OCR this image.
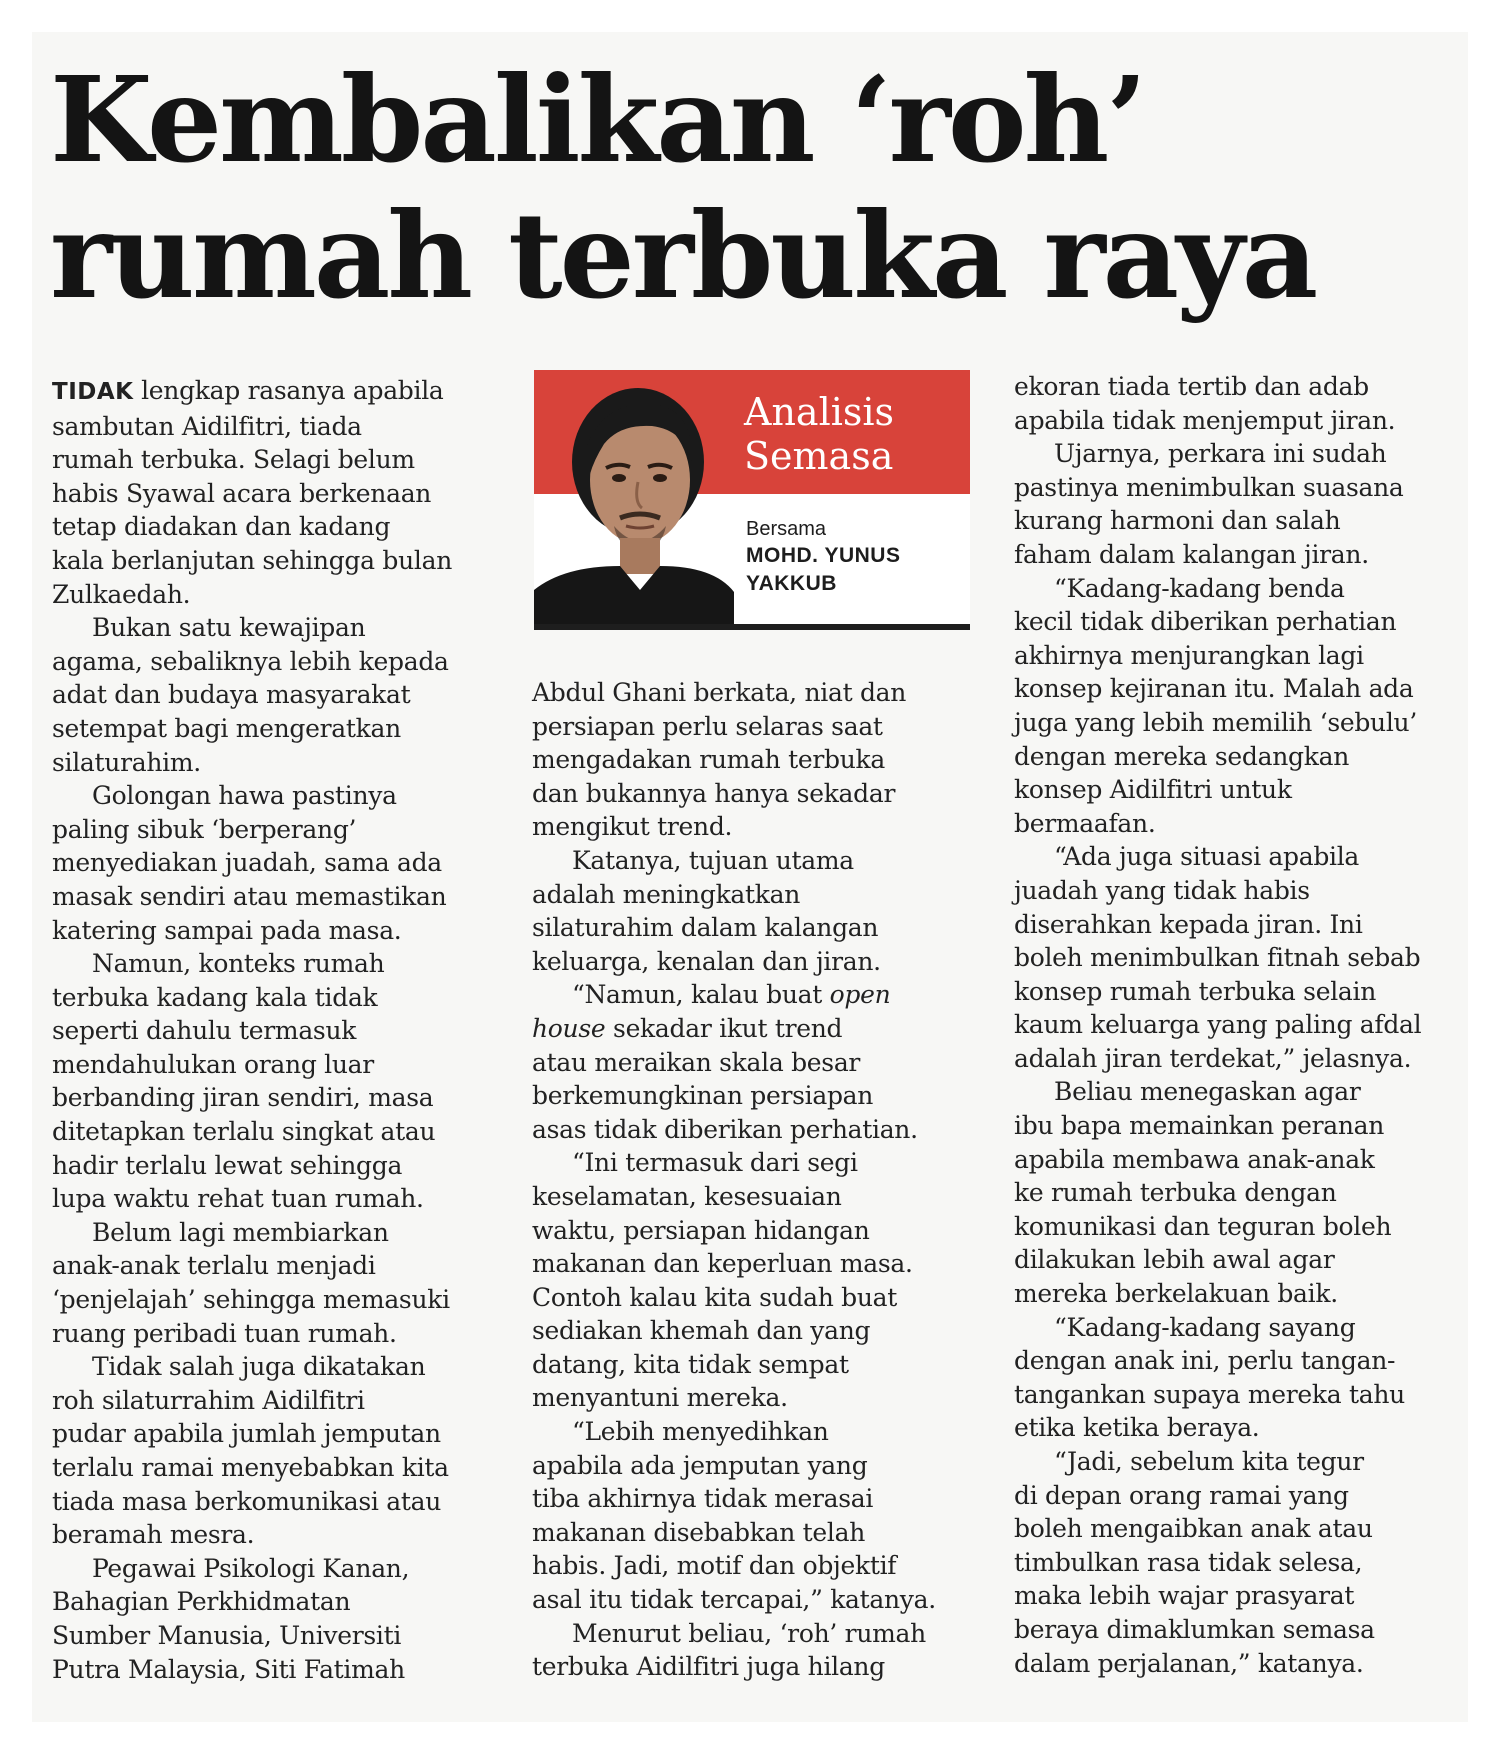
Kembalikan ‘roh’
rumah terbuka raya

TIDAK lengkap rasanya apabila
sambutan Aidilfitri, tiada
rumah terbuka. Selagi belum
habis Syawal acara berkenaan
tetap diadakan dan kadang
kala berlanjutan sehingga bulan
Zulkaedah.

Bukan satu kewajipan
agama, sebaliknya lebih kepada
adat dan budaya masyarakat
setempat bagi mengeratkan
silaturahim.

Golongan hawa pastinya
paling sibuk ‘berperang’
menyediakan juadah, sama ada
masak sendiri atau memastikan
katering sampai pada masa.

Namun, konteks rumah
terbuka kadang kala tidak
seperti dahulu termasuk
mendahulukan orang luar
berbanding jiran sendiri, masa
ditetapkan terlalu singkat atau
hadir terlalu lewat sehingga
lupa waktu rehat tuan rumah.

Belum lagi membiarkan
anak-anak terlalu menjadi
‘penjelajah’ sehingga memasuki
ruang peribadi tuan rumah.

Tidak salah juga dikatakan
roh silaturrahim Aidilfitri
pudar apabila jumlah jemputan
terlalu ramai menyebabkan kita
tiada masa berkomunikasi atau
beramah mesra.

Pegawai Psikologi Kanan,
Bahagian Perkhidmatan
Sumber Manusia, Universiti
Putra Malaysia, Siti Fatimah

Analisis
Semasa
Bersama
MOHD. YUNUS
YAKKUB

Abdul Ghani berkata, niat dan
persiapan perlu selaras saat
mengadakan rumah terbuka
dan bukannya hanya sekadar
mengikut trend.

Katanya, tujuan utama
adalah meningkatkan
silaturahim dalam kalangan
keluarga, kenalan dan jiran.

“Namun, kalau buat open
house sekadar ikut trend
atau meraikan skala besar
berkemungkinan persiapan
asas tidak diberikan perhatian.

“Ini termasuk dari segi
keselamatan, kesesuaian
waktu, persiapan hidangan
makanan dan keperluan masa.
Contoh kalau kita sudah buat
sediakan khemah dan yang
datang, kita tidak sempat
menyantuni mereka.

“Lebih menyedihkan
apabila ada jemputan yang
tiba akhirnya tidak merasai
makanan disebabkan telah
habis. Jadi, motif dan objektif
asal itu tidak tercapai,” katanya.

Menurut beliau, ‘roh’ rumah
terbuka Aidilfitri juga hilang

ekoran tiada tertib dan adab
apabila tidak menjemput jiran.

Ujarnya, perkara ini sudah
pastinya menimbulkan suasana
kurang harmoni dan salah
faham dalam kalangan jiran.

“Kadang-kadang benda
kecil tidak diberikan perhatian
akhirnya menjurangkan lagi
konsep kejiranan itu. Malah ada
juga yang lebih memilih ‘sebulu’
dengan mereka sedangkan
konsep Aidilfitri untuk
bermaafan.

“Ada juga situasi apabila
juadah yang tidak habis
diserahkan kepada jiran. Ini
boleh menimbulkan fitnah sebab
konsep rumah terbuka selain
kaum keluarga yang paling afdal
adalah jiran terdekat,” jelasnya.

Beliau menegaskan agar
ibu bapa memainkan peranan
apabila membawa anak-anak
ke rumah terbuka dengan
komunikasi dan teguran boleh
dilakukan lebih awal agar
mereka berkelakuan baik.

“Kadang-kadang sayang
dengan anak ini, perlu tangan-
tangankan supaya mereka tahu
etika ketika beraya.

“Jadi, sebelum kita tegur
di depan orang ramai yang
boleh mengaibkan anak atau
timbulkan rasa tidak selesa,
maka lebih wajar prasyarat
beraya dimaklumkan semasa
dalam perjalanan,” katanya.
